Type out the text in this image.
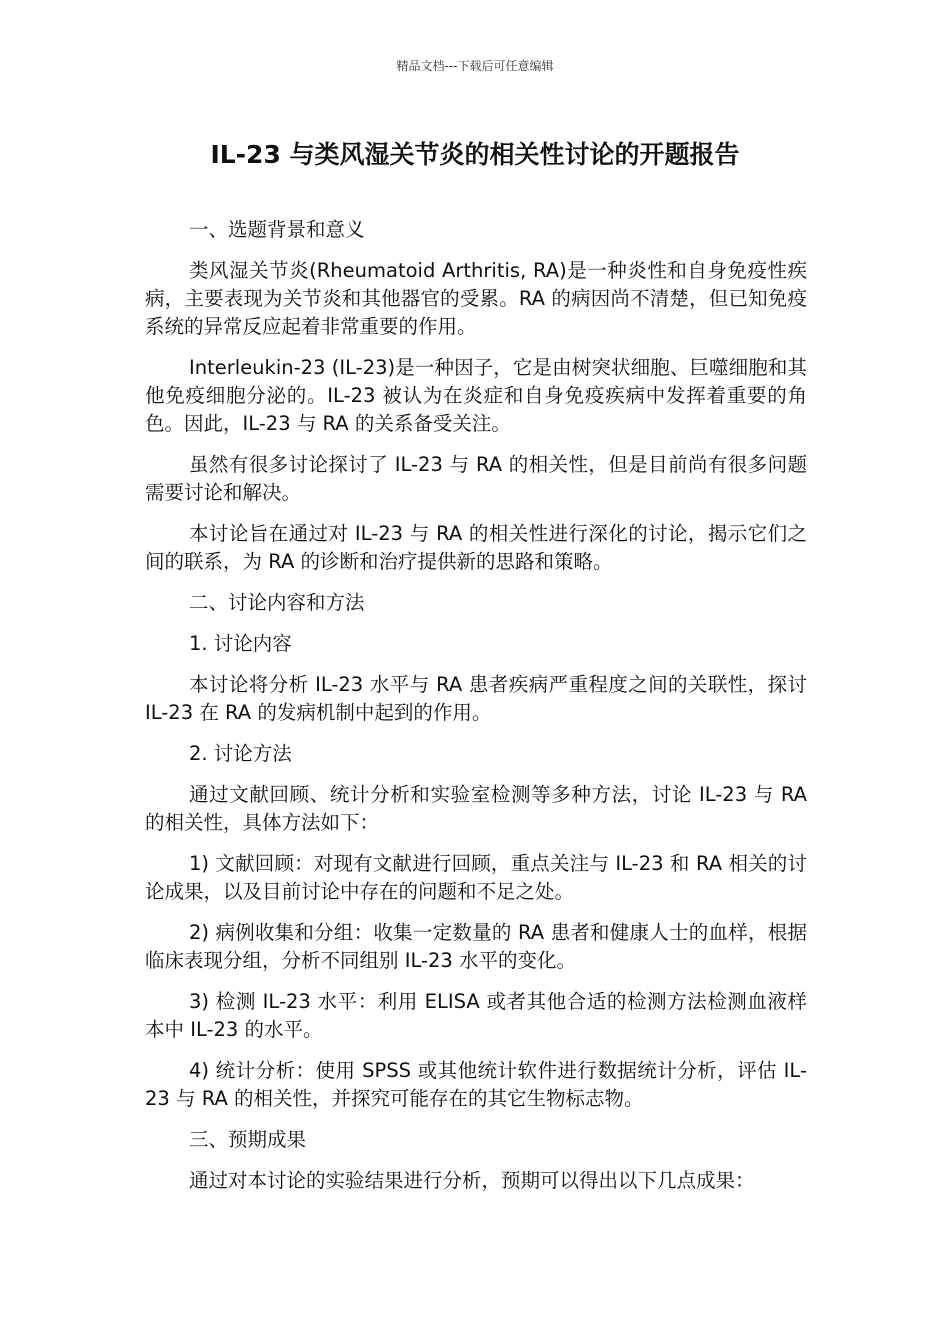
精品文档---下载后可任意编辑
IL-23 与类风湿关节炎的相关性讨论的开题报告
一、选题背景和意义
类风湿关节炎(Rheumatoid Arthritis, RA)是一种炎性和自身免疫性疾病，主要表现为关节炎和其他器官的受累。RA 的病因尚不清楚，但已知免疫系统的异常反应起着非常重要的作用。
Interleukin-23 (IL-23)是一种因子，它是由树突状细胞、巨噬细胞和其他免疫细胞分泌的。IL-23 被认为在炎症和自身免疫疾病中发挥着重要的角色。因此，IL-23 与 RA 的关系备受关注。
虽然有很多讨论探讨了 IL-23 与 RA 的相关性，但是目前尚有很多问题需要讨论和解决。
本讨论旨在通过对 IL-23 与 RA 的相关性进行深化的讨论，揭示它们之间的联系，为 RA 的诊断和治疗提供新的思路和策略。
二、讨论内容和方法
1. 讨论内容
本讨论将分析 IL-23 水平与 RA 患者疾病严重程度之间的关联性，探讨 IL-23 在 RA 的发病机制中起到的作用。
2. 讨论方法
通过文献回顾、统计分析和实验室检测等多种方法，讨论 IL-23 与 RA 的相关性，具体方法如下：
1) 文献回顾：对现有文献进行回顾，重点关注与 IL-23 和 RA 相关的讨论成果，以及目前讨论中存在的问题和不足之处。
2) 病例收集和分组：收集一定数量的 RA 患者和健康人士的血样，根据临床表现分组，分析不同组别 IL-23 水平的变化。
3) 检测 IL-23 水平：利用 ELISA 或者其他合适的检测方法检测血液样本中 IL-23 的水平。
4) 统计分析：使用 SPSS 或其他统计软件进行数据统计分析，评估 IL-23 与 RA 的相关性，并探究可能存在的其它生物标志物。
三、预期成果
通过对本讨论的实验结果进行分析，预期可以得出以下几点成果：
